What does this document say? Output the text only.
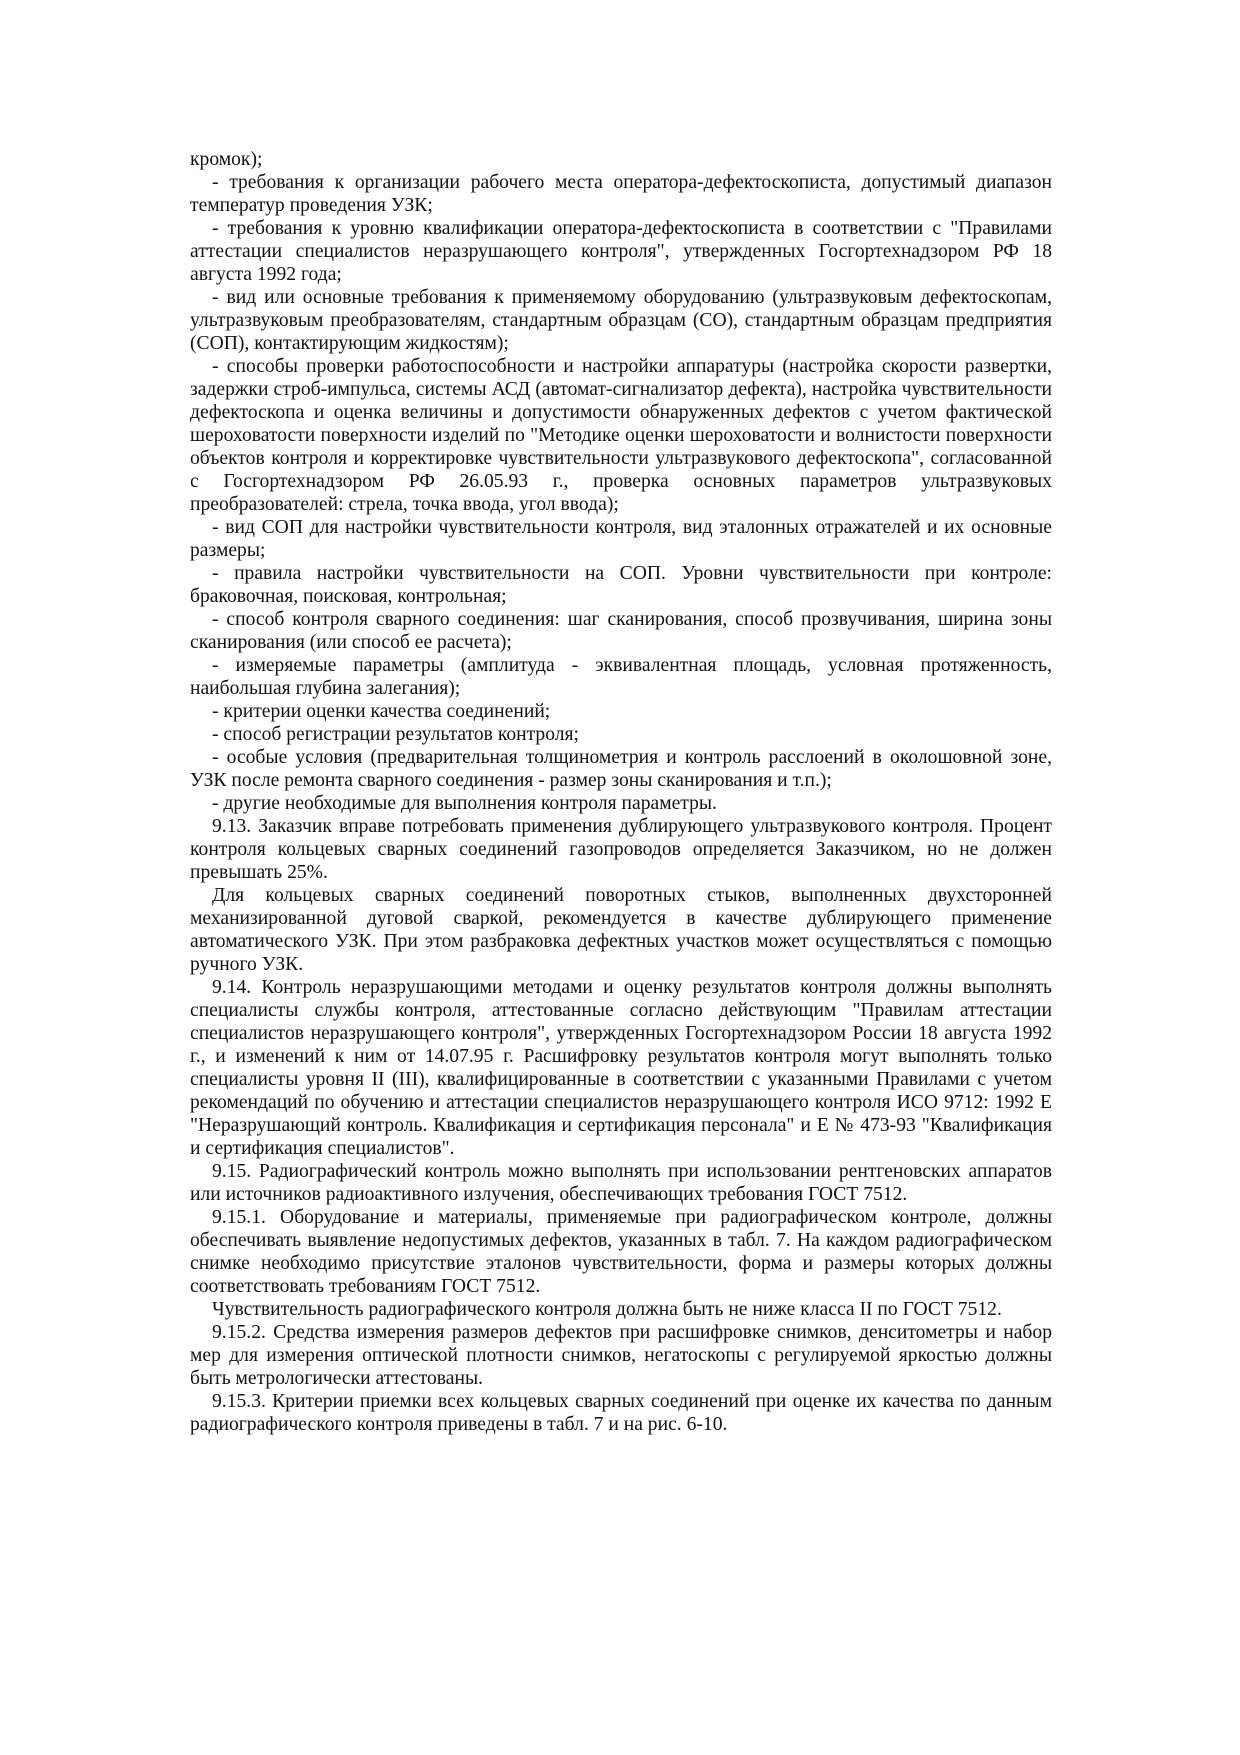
кромок);

- требования к организации рабочего места оператора-дефектоскописта, допустимый диапазон температур проведения УЗК;

- требования к уровню квалификации оператора-дефектоскописта в соответствии с "Правилами аттестации специалистов неразрушающего контроля", утвержденных Госгортехнадзором РФ 18 августа 1992 года;

- вид или основные требования к применяемому оборудованию (ультразвуковым дефектоскопам, ультразвуковым преобразователям, стандартным образцам (СО), стандартным образцам предприятия (СОП), контактирующим жидкостям);

- способы проверки работоспособности и настройки аппаратуры (настройка скорости развертки, задержки строб-импульса, системы АСД (автомат-сигнализатор дефекта), настройка чувствительности дефектоскопа и оценка величины и допустимости обнаруженных дефектов с учетом фактической шероховатости поверхности изделий по "Методике оценки шероховатости и волнистости поверхности объектов контроля и корректировке чувствительности ультразвукового дефектоскопа", согласованной с Госгортехнадзором РФ 26.05.93 г., проверка основных параметров ультразвуковых преобразователей: стрела, точка ввода, угол ввода);

- вид СОП для настройки чувствительности контроля, вид эталонных отражателей и их основные размеры;

- правила настройки чувствительности на СОП. Уровни чувствительности при контроле: браковочная, поисковая, контрольная;

- способ контроля сварного соединения: шаг сканирования, способ прозвучивания, ширина зоны сканирования (или способ ее расчета);

- измеряемые параметры (амплитуда - эквивалентная площадь, условная протяженность, наибольшая глубина залегания);

- критерии оценки качества соединений;

- способ регистрации результатов контроля;

- особые условия (предварительная толщинометрия и контроль расслоений в околошовной зоне, УЗК после ремонта сварного соединения - размер зоны сканирования и т.п.);

- другие необходимые для выполнения контроля параметры.

9.13. Заказчик вправе потребовать применения дублирующего ультразвукового контроля. Процент контроля кольцевых сварных соединений газопроводов определяется Заказчиком, но не должен превышать 25%.

Для кольцевых сварных соединений поворотных стыков, выполненных двухсторонней механизированной дуговой сваркой, рекомендуется в качестве дублирующего применение автоматического УЗК. При этом разбраковка дефектных участков может осуществляться с помощью ручного УЗК.

9.14. Контроль неразрушающими методами и оценку результатов контроля должны выполнять специалисты службы контроля, аттестованные согласно действующим "Правилам аттестации специалистов неразрушающего контроля", утвержденных Госгортехнадзором России 18 августа 1992 г., и изменений к ним от 14.07.95 г. Расшифровку результатов контроля могут выполнять только специалисты уровня II (III), квалифицированные в соответствии с указанными Правилами с учетом рекомендаций по обучению и аттестации специалистов неразрушающего контроля ИСО 9712: 1992 Е "Неразрушающий контроль. Квалификация и сертификация персонала" и Е № 473-93 "Квалификация и сертификация специалистов".

9.15. Радиографический контроль можно выполнять при использовании рентгеновских аппаратов или источников радиоактивного излучения, обеспечивающих требования ГОСТ 7512.

9.15.1. Оборудование и материалы, применяемые при радиографическом контроле, должны обеспечивать выявление недопустимых дефектов, указанных в табл. 7. На каждом радиографическом снимке необходимо присутствие эталонов чувствительности, форма и размеры которых должны соответствовать требованиям ГОСТ 7512.

Чувствительность радиографического контроля должна быть не ниже класса II по ГОСТ 7512.

9.15.2. Средства измерения размеров дефектов при расшифровке снимков, денситометры и набор мер для измерения оптической плотности снимков, негатоскопы с регулируемой яркостью должны быть метрологически аттестованы.

9.15.3. Критерии приемки всех кольцевых сварных соединений при оценке их качества по данным радиографического контроля приведены в табл. 7 и на рис. 6-10.
